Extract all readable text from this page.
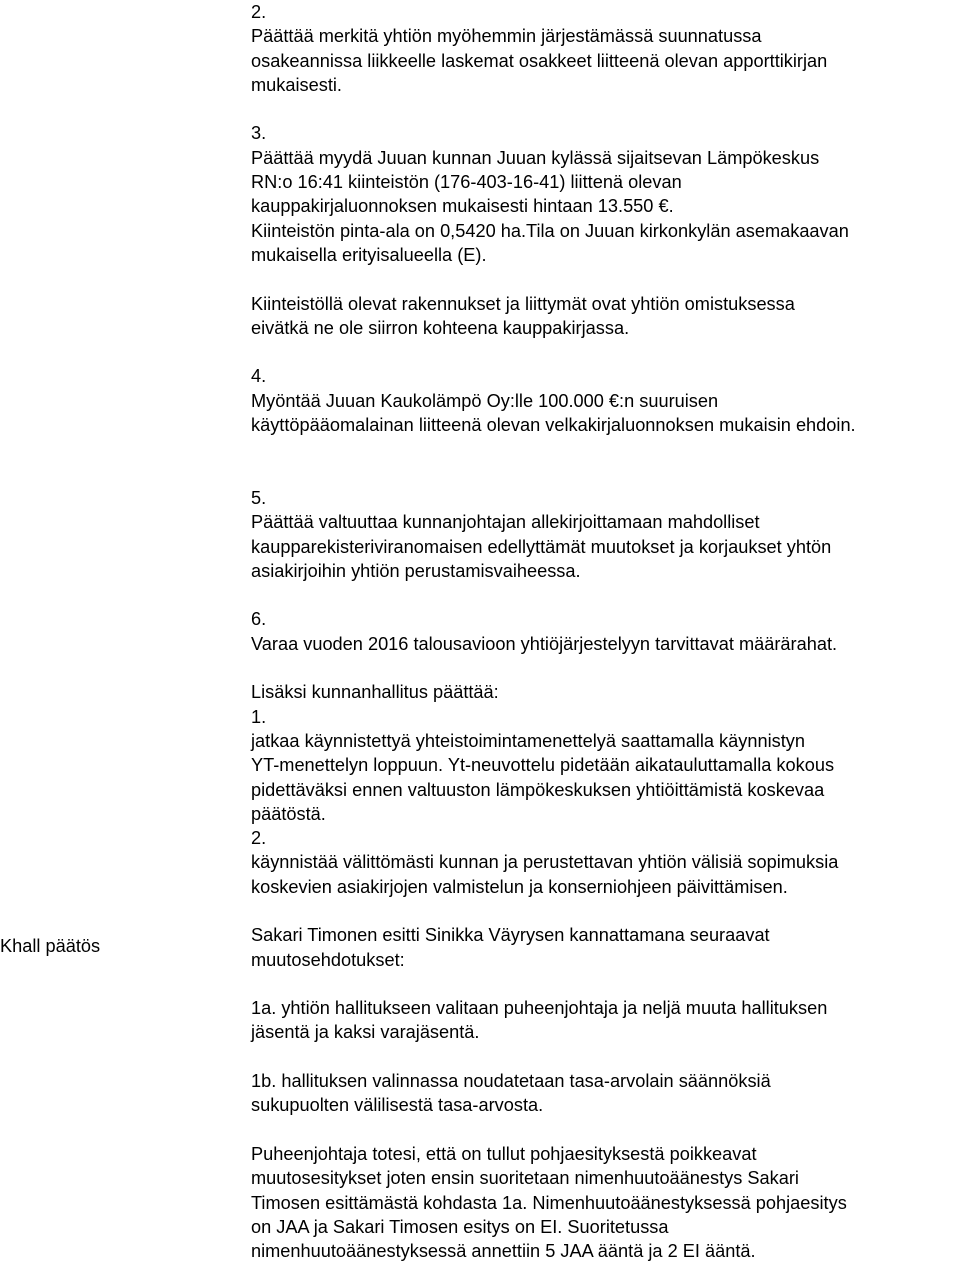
Khall päätös
2.
Päättää merkitä yhtiön myöhemmin järjestämässä suunnatussa
osakeannissa liikkeelle laskemat osakkeet liitteenä olevan apporttikirjan
mukaisesti.
3.
Päättää myydä Juuan kunnan Juuan kylässä sijaitsevan Lämpökeskus
RN:o 16:41 kiinteistön (176-403-16-41) liittenä olevan
kauppakirjaluonnoksen mukaisesti hintaan 13.550 €.
Kiinteistön pinta-ala on 0,5420 ha.Tila on Juuan kirkonkylän asemakaavan
mukaisella erityisalueella (E).
Kiinteistöllä olevat rakennukset ja liittymät ovat yhtiön omistuksessa
eivätkä ne ole siirron kohteena kauppakirjassa.
4.
Myöntää Juuan Kaukolämpö Oy:lle 100.000 €:n suuruisen
käyttöpääomalainan liitteenä olevan velkakirjaluonnoksen mukaisin ehdoin.
5.
Päättää valtuuttaa kunnanjohtajan allekirjoittamaan mahdolliset
kaupparekisteriviranomaisen edellyttämät muutokset ja korjaukset yhtön
asiakirjoihin yhtiön perustamisvaiheessa.
6.
Varaa vuoden 2016 talousavioon yhtiöjärjestelyyn tarvittavat määrärahat.
Lisäksi kunnanhallitus päättää:
1.
jatkaa käynnistettyä yhteistoimintamenettelyä saattamalla käynnistyn
YT-menettelyn loppuun. Yt-neuvottelu pidetään aikatauluttamalla kokous
pidettäväksi ennen valtuuston lämpökeskuksen yhtiöittämistä koskevaa
päätöstä.
2.
käynnistää välittömästi kunnan ja perustettavan yhtiön välisiä sopimuksia
koskevien asiakirjojen valmistelun ja konserniohjeen päivittämisen.
Sakari Timonen esitti Sinikka Väyrysen kannattamana seuraavat
muutosehdotukset:
1a. yhtiön hallitukseen valitaan puheenjohtaja ja neljä muuta hallituksen
jäsentä ja kaksi varajäsentä.
1b. hallituksen valinnassa noudatetaan tasa-arvolain säännöksiä
sukupuolten välilisestä tasa-arvosta.
Puheenjohtaja totesi, että on tullut pohjaesityksestä poikkeavat
muutosesitykset joten ensin suoritetaan nimenhuutoäänestys Sakari
Timosen esittämästä kohdasta 1a. Nimenhuutoäänestyksessä pohjaesitys
on JAA ja Sakari Timosen esitys on EI. Suoritetussa
nimenhuutoäänestyksessä annettiin 5 JAA ääntä ja 2 EI ääntä.
